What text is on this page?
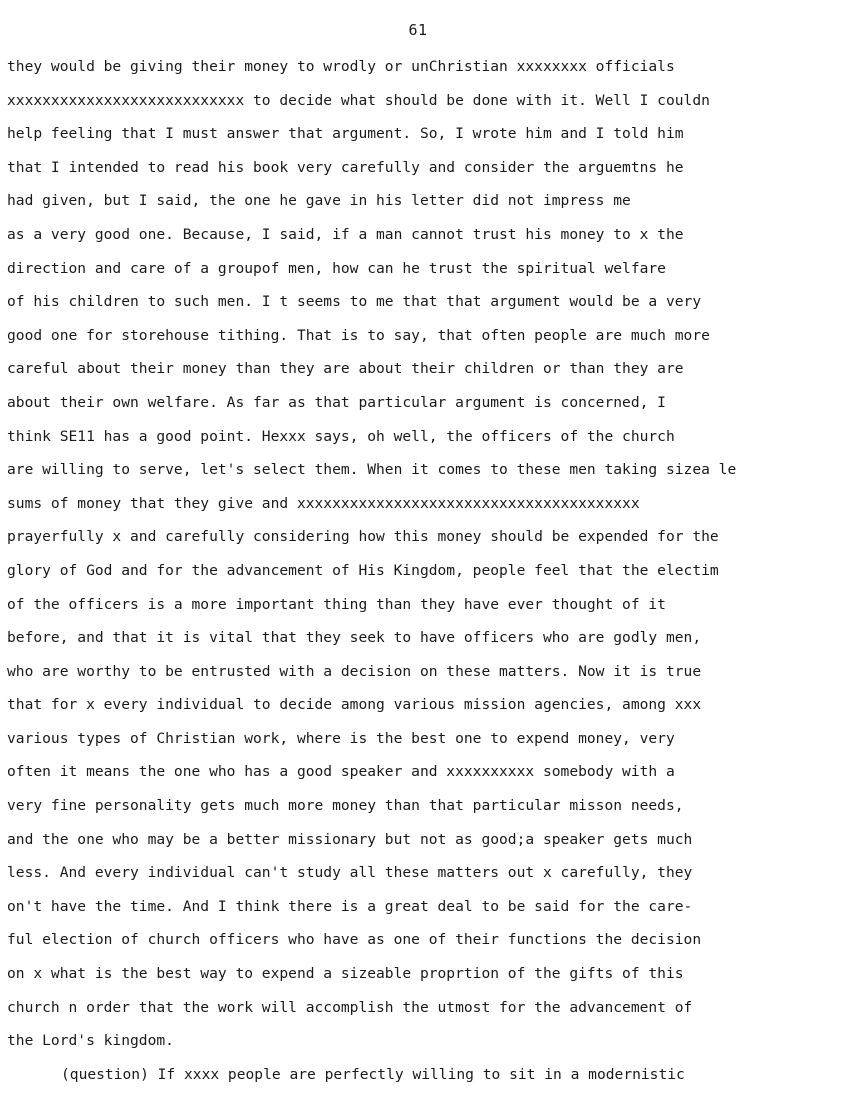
61
they would be giving their money to wrodly or unChristian xxxxxxxx officials
xxxxxxxxxxxxxxxxxxxxxxxxxxx to decide what should be done with it. Well I couldn
help feeling that I must answer that argument. So, I wrote him and I told him
that I intended to read his book very carefully and consider the arguemtns he
had given, but I said, the one he gave in his letter did not impress me
as a very good one. Because, I said, if a man cannot trust his money to x the
direction and care of a groupof men, how can he trust the spiritual welfare
of his children to such men. I t seems to me that that argument would be a very
good one for storehouse tithing. That is to say, that often people are much more
careful about their money than they are about their children or than they are
about their own welfare. As far as that particular argument is concerned, I
think SE11 has a good point. Hexxx says, oh well, the officers of the church
are willing to serve, let's select them. When it comes to these men taking sizea le
sums of money that they give and xxxxxxxxxxxxxxxxxxxxxxxxxxxxxxxxxxxxxxx
prayerfully x and carefully considering how this money should be expended for the
glory of God and for the advancement of His Kingdom, people feel that the electim
of the officers is a more important thing than they have ever thought of it
before, and that it is vital that they seek to have officers who are godly men,
who are worthy to be entrusted with a decision on these matters. Now it is true
that for x every individual to decide among various mission agencies, among xxx
various types of Christian work, where is the best one to expend money, very
often it means the one who has a good speaker and xxxxxxxxxx somebody with a
very fine personality gets much more money than that particular misson needs,
and the one who may be a better missionary but not as good;a speaker gets much
less. And every individual can't study all these matters out x carefully, they
on't have the time. And I think there is a great deal to be said for the care-
ful election of church officers who have as one of their functions the decision
on x what is the best way to expend a sizeable proprtion of the gifts of this
church n order that the work will accomplish the utmost for the advancement of
the Lord's kingdom.
(question) If xxxx people are perfectly willing to sit in a modernistic
